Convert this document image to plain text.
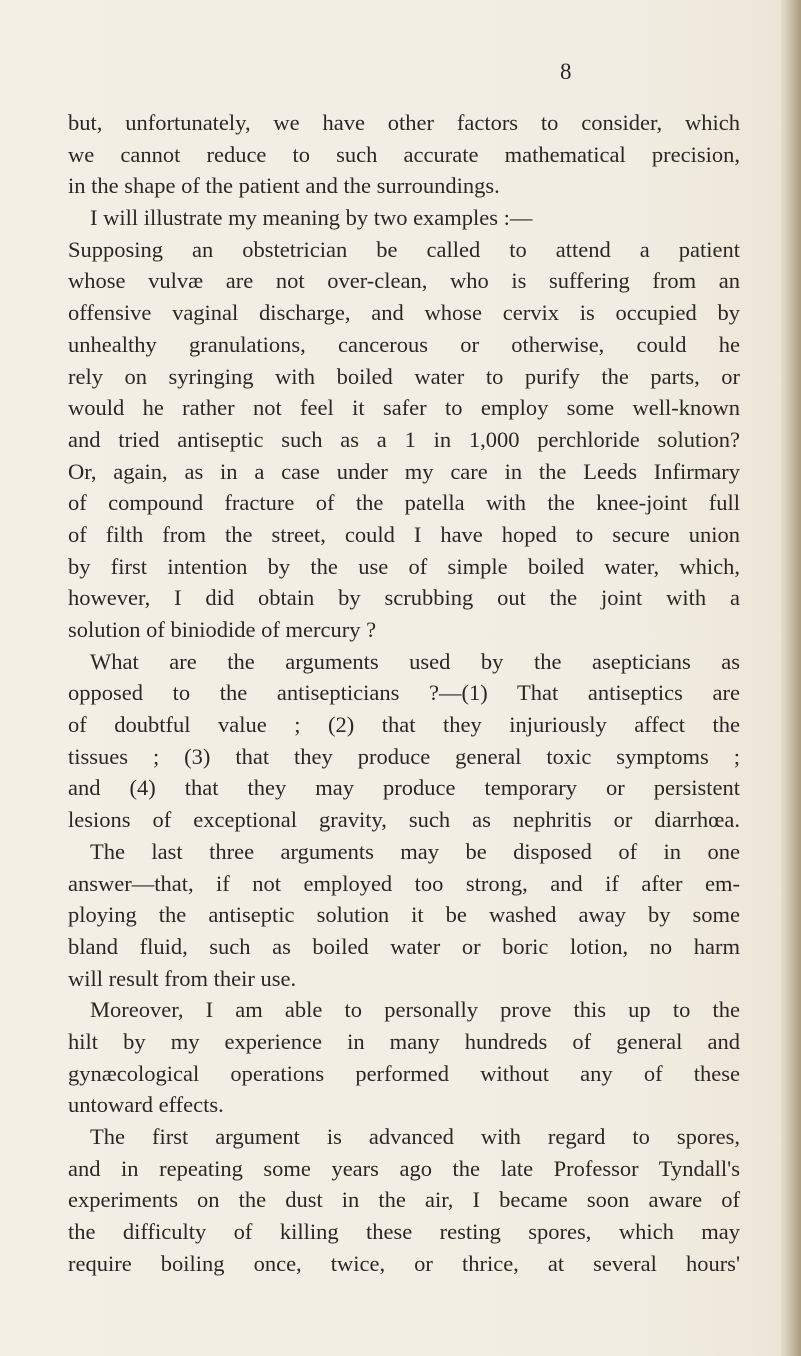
8
but, unfortunately, we have other factors to consider, which
we cannot reduce to such accurate mathematical precision,
in the shape of the patient and the surroundings.
I will illustrate my meaning by two examples :—
Supposing an obstetrician be called to attend a patient
whose vulvæ are not over-clean, who is suffering from an
offensive vaginal discharge, and whose cervix is occupied by
unhealthy granulations, cancerous or otherwise, could he
rely on syringing with boiled water to purify the parts, or
would he rather not feel it safer to employ some well-known
and tried antiseptic such as a 1 in 1,000 perchloride solution?
Or, again, as in a case under my care in the Leeds Infirmary
of compound fracture of the patella with the knee-joint full
of filth from the street, could I have hoped to secure union
by first intention by the use of simple boiled water, which,
however, I did obtain by scrubbing out the joint with a
solution of biniodide of mercury ?
What are the arguments used by the asepticians as
opposed to the antisepticians ?—(1) That antiseptics are
of doubtful value ; (2) that they injuriously affect the
tissues ; (3) that they produce general toxic symptoms ;
and (4) that they may produce temporary or persistent
lesions of exceptional gravity, such as nephritis or diarrhœa.
The last three arguments may be disposed of in one
answer—that, if not employed too strong, and if after em-
ploying the antiseptic solution it be washed away by some
bland fluid, such as boiled water or boric lotion, no harm
will result from their use.
Moreover, I am able to personally prove this up to the
hilt by my experience in many hundreds of general and
gynæcological operations performed without any of these
untoward effects.
The first argument is advanced with regard to spores,
and in repeating some years ago the late Professor Tyndall's
experiments on the dust in the air, I became soon aware of
the difficulty of killing these resting spores, which may
require boiling once, twice, or thrice, at several hours'
